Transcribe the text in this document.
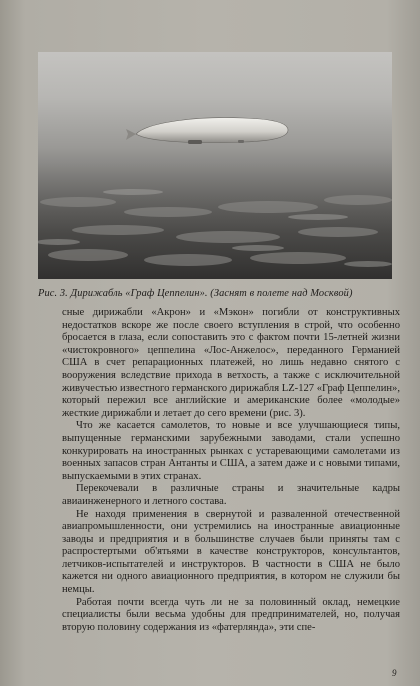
Рис. 3. Дирижабль «Граф Цеппелин». (Заснят в полете над Москвой)

сные дирижабли «Акрон» и «Мэкон» погибли от конструктивных недостатков вскоре же после своего вступления в строй, что особенно бросается в глаза, если сопоставить это с фактом почти 15-летней жизни «чистокровного» цеппелина «Лос-Анжелос», переданного Германией США в счет репарационных платежей, но лишь недавно снятого с вооружения вследствие прихода в ветхость, а также с исключительной живучестью известного германского дирижабля LZ-127 «Граф Цеппелин», который пережил все английские и американские более «молодые» жесткие дирижабли и летает до сего времени (рис. 3).

Что же касается самолетов, то новые и все улучшающиеся типы, выпущенные германскими зарубежными заводами, стали успешно конкурировать на иностранных рынках с устаревающими самолетами из военных запасов стран Антанты и США, а затем даже и с новыми типами, выпускаемыми в этих странах.

Перекочевали в различные страны и значительные кадры авиаинженерного и летного состава.

Не находя применения в свернутой и развaленной отечественной авиапромышленности, они устремились на иностранные авиационные заводы и предприятия и в большинстве случаев были приняты там с распростертыми об'ятьями в качестве конструкторов, консультантов, летчиков-испытателей и инструкторов. В частности в США не было кажется ни одного авиационного предприятия, в котором не служили бы немцы.

Работая почти всегда чуть ли не за половинный оклад, немецкие специалисты были весьма удобны для предпринимателей, но, получая вторую половину содержания из «фатерлянда», эти спе-

9
